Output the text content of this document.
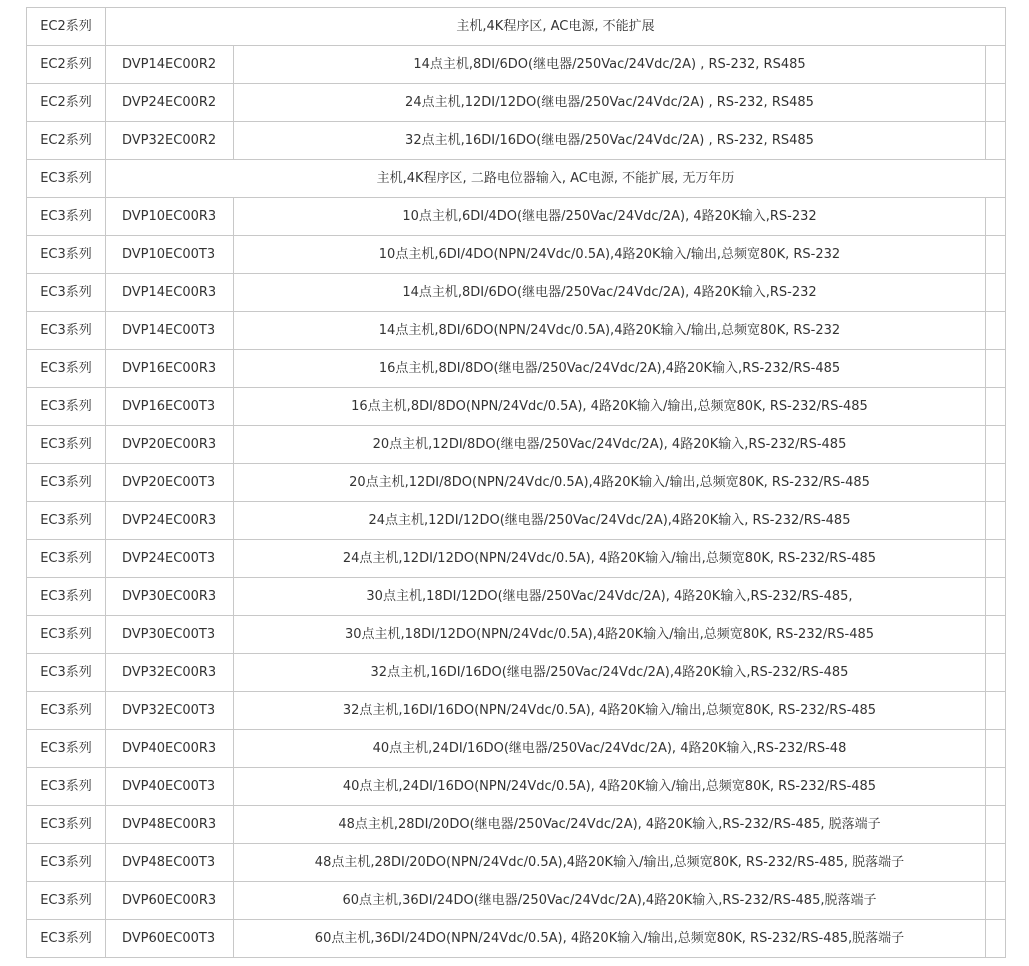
EC2系列	主机,4K程序区, AC电源, 不能扩展		
EC2系列	DVP14EC00R2	14点主机,8DI/6DO(继电器/250Vac/24Vdc/2A) , RS-232, RS485	
EC2系列	DVP24EC00R2	24点主机,12DI/12DO(继电器/250Vac/24Vdc/2A) , RS-232, RS485	
EC2系列	DVP32EC00R2	32点主机,16DI/16DO(继电器/250Vac/24Vdc/2A) , RS-232, RS485	
EC3系列	主机,4K程序区, 二路电位器输入, AC电源, 不能扩展, 无万年历		
EC3系列	DVP10EC00R3	10点主机,6DI/4DO(继电器/250Vac/24Vdc/2A), 4路20K输入,RS-232	
EC3系列	DVP10EC00T3	10点主机,6DI/4DO(NPN/24Vdc/0.5A),4路20K输入/输出,总频宽80K, RS-232	
EC3系列	DVP14EC00R3	14点主机,8DI/6DO(继电器/250Vac/24Vdc/2A), 4路20K输入,RS-232	
EC3系列	DVP14EC00T3	14点主机,8DI/6DO(NPN/24Vdc/0.5A),4路20K输入/输出,总频宽80K, RS-232	
EC3系列	DVP16EC00R3	16点主机,8DI/8DO(继电器/250Vac/24Vdc/2A),4路20K输入,RS-232/RS-485	
EC3系列	DVP16EC00T3	16点主机,8DI/8DO(NPN/24Vdc/0.5A), 4路20K输入/输出,总频宽80K, RS-232/RS-485	
EC3系列	DVP20EC00R3	20点主机,12DI/8DO(继电器/250Vac/24Vdc/2A), 4路20K输入,RS-232/RS-485	
EC3系列	DVP20EC00T3	20点主机,12DI/8DO(NPN/24Vdc/0.5A),4路20K输入/输出,总频宽80K, RS-232/RS-485	
EC3系列	DVP24EC00R3	24点主机,12DI/12DO(继电器/250Vac/24Vdc/2A),4路20K输入, RS-232/RS-485	
EC3系列	DVP24EC00T3	24点主机,12DI/12DO(NPN/24Vdc/0.5A), 4路20K输入/输出,总频宽80K, RS-232/RS-485	
EC3系列	DVP30EC00R3	30点主机,18DI/12DO(继电器/250Vac/24Vdc/2A), 4路20K输入,RS-232/RS-485,	
EC3系列	DVP30EC00T3	30点主机,18DI/12DO(NPN/24Vdc/0.5A),4路20K输入/输出,总频宽80K, RS-232/RS-485	
EC3系列	DVP32EC00R3	32点主机,16DI/16DO(继电器/250Vac/24Vdc/2A),4路20K输入,RS-232/RS-485	
EC3系列	DVP32EC00T3	32点主机,16DI/16DO(NPN/24Vdc/0.5A), 4路20K输入/输出,总频宽80K, RS-232/RS-485	
EC3系列	DVP40EC00R3	40点主机,24DI/16DO(继电器/250Vac/24Vdc/2A), 4路20K输入,RS-232/RS-48	
EC3系列	DVP40EC00T3	40点主机,24DI/16DO(NPN/24Vdc/0.5A), 4路20K输入/输出,总频宽80K, RS-232/RS-485	
EC3系列	DVP48EC00R3	48点主机,28DI/20DO(继电器/250Vac/24Vdc/2A), 4路20K输入,RS-232/RS-485, 脱落端子	
EC3系列	DVP48EC00T3	48点主机,28DI/20DO(NPN/24Vdc/0.5A),4路20K输入/输出,总频宽80K, RS-232/RS-485, 脱落端子	
EC3系列	DVP60EC00R3	60点主机,36DI/24DO(继电器/250Vac/24Vdc/2A),4路20K输入,RS-232/RS-485,脱落端子	
EC3系列	DVP60EC00T3	60点主机,36DI/24DO(NPN/24Vdc/0.5A), 4路20K输入/输出,总频宽80K, RS-232/RS-485,脱落端子	
